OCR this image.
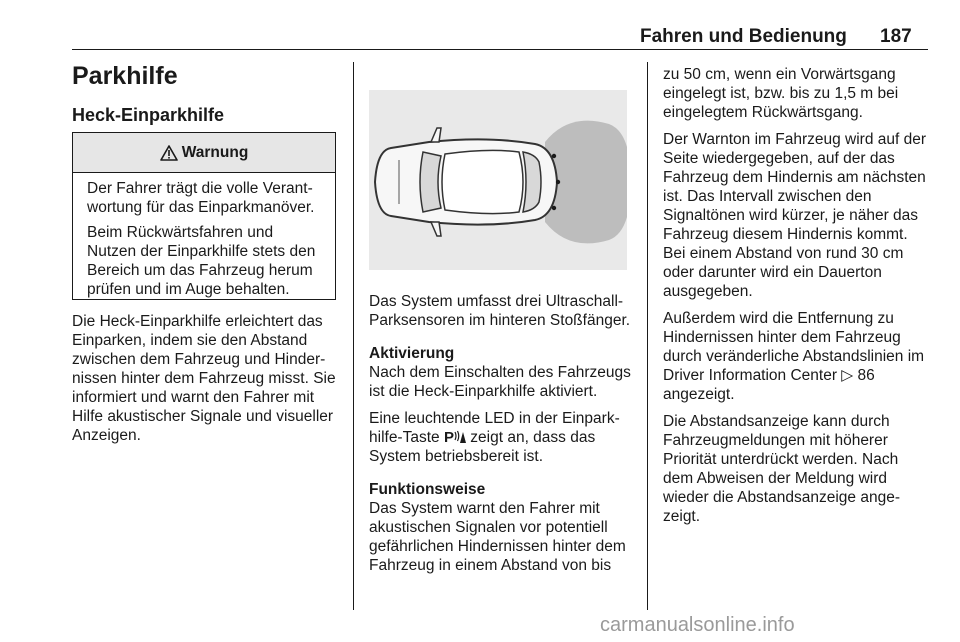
Fahren und Bedienung 187
Parkhilfe
Heck-Einparkhilfe
Warnung

Der Fahrer trägt die volle Verantwortung für das Einparkmanöver.

Beim Rückwärtsfahren und Nutzen der Einparkhilfe stets den Bereich um das Fahrzeug herum prüfen und im Auge behalten.

Die Heck-Einparkhilfe erleichtert das Einparken, indem sie den Abstand zwischen dem Fahrzeug und Hindernissen hinter dem Fahrzeug misst. Sie informiert und warnt den Fahrer mit Hilfe akustischer Signale und visueller Anzeigen.

Das System umfasst drei Ultraschall-Parksensoren im hinteren Stoßfänger.

Aktivierung
Nach dem Einschalten des Fahrzeugs ist die Heck-Einparkhilfe aktiviert.

Eine leuchtende LED in der Einparkhilfe-Taste P zeigt an, dass das System betriebsbereit ist.

Funktionsweise
Das System warnt den Fahrer mit akustischen Signalen vor potentiell gefährlichen Hindernissen hinter dem Fahrzeug in einem Abstand von bis

zu 50 cm, wenn ein Vorwärtsgang eingelegt ist, bzw. bis zu 1,5 m bei eingelegtem Rückwärtsgang.

Der Warnton im Fahrzeug wird auf der Seite wiedergegeben, auf der das Fahrzeug dem Hindernis am nächsten ist. Das Intervall zwischen den Signaltönen wird kürzer, je näher das Fahrzeug diesem Hindernis kommt. Bei einem Abstand von rund 30 cm oder darunter wird ein Dauerton ausgegeben.

Außerdem wird die Entfernung zu Hindernissen hinter dem Fahrzeug durch veränderliche Abstandslinien im Driver Information Center ▷ 86 angezeigt.

Die Abstandsanzeige kann durch Fahrzeugmeldungen mit höherer Priorität unterdrückt werden. Nach dem Abweisen der Meldung wird wieder die Abstandsanzeige angezeigt.

carmanualsonline.info
